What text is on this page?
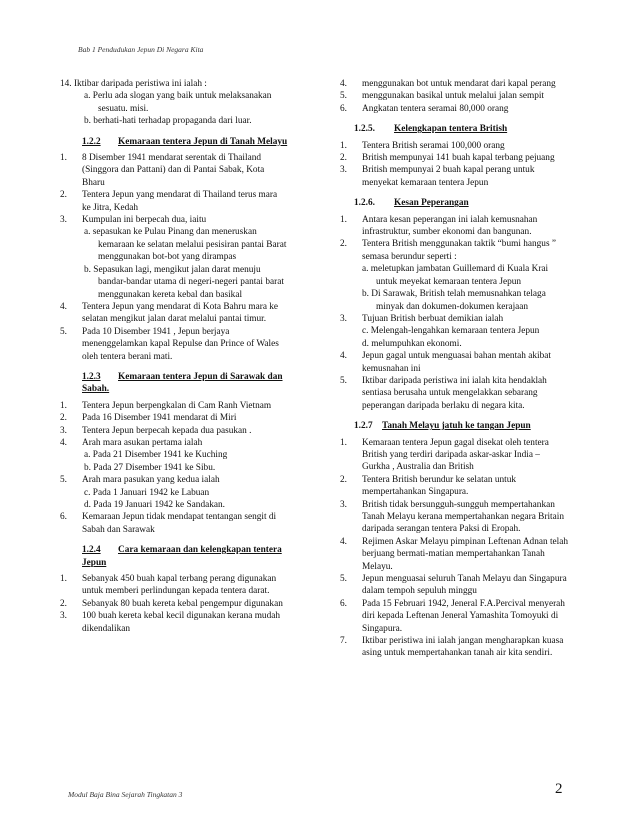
Bab 1 Pendudukan Jepun Di Negara Kita
14. Iktibar daripada peristiwa ini ialah :
a. Perlu ada slogan yang baik untuk melaksanakan sesuatu. misi.
b. berhati-hati terhadap propaganda dari luar.
1.2.2 Kemaraan tentera Jepun di Tanah Melayu
1.	8 Disember 1941 mendarat serentak di Thailand (Singgora dan Pattani) dan di Pantai Sabak, Kota Bharu
2.	Tentera Jepun yang mendarat di Thailand terus mara ke Jitra, Kedah
3.	Kumpulan ini berpecah dua, iaitu
a. sepasukan ke Pulau Pinang dan meneruskan kemaraan ke selatan melalui pesisiran pantai Barat menggunakan bot-bot yang dirampas
b. Sepasukan lagi, mengikut jalan darat menuju bandar-bandar utama di negeri-negeri pantai barat menggunakan kereta kebal dan basikal
4.	Tentera Jepun yang mendarat di Kota Bahru mara ke selatan mengikut jalan darat melalui pantai timur.
5.	Pada 10 Disember 1941 , Jepun berjaya menenggelamkan kapal Repulse dan Prince of Wales oleh tentera berani mati.
1.2.3 Kemaraan tentera Jepun di Sarawak dan Sabah.
1.	Tentera Jepun berpengkalan di Cam Ranh Vietnam
2.	Pada 16 Disember 1941 mendarat di Miri
3.	Tentera Jepun berpecah kepada dua pasukan .
4.	Arah mara asukan pertama ialah
a. Pada 21 Disember 1941 ke Kuching
b. Pada 27 Disember 1941 ke Sibu.
5.	Arah mara pasukan yang kedua ialah
c. Pada 1 Januari 1942 ke Labuan
d. Pada 19 Januari 1942 ke Sandakan.
6.	Kemaraan Jepun tidak mendapat tentangan sengit di Sabah dan Sarawak
1.2.4 Cara kemaraan dan kelengkapan tentera Jepun
1.	Sebanyak 450 buah kapal terbang perang digunakan untuk memberi perlindungan kepada tentera darat.
2.	Sebanyak 80 buah kereta kebal pengempur digunakan
3.	100 buah kereta kebal kecil digunakan kerana mudah dikendalikan
4.	menggunakan bot untuk mendarat dari kapal perang
5.	menggunakan basikal untuk melalui jalan sempit
6.	Angkatan tentera seramai 80,000 orang
1.2.5. Kelengkapan tentera British
1.	Tentera British seramai 100,000 orang
2.	British mempunyai 141 buah kapal terbang pejuang
3.	British mempunyai 2 buah kapal perang untuk menyekat kemaraan tentera Jepun
1.2.6. Kesan Peperangan
1.	Antara kesan peperangan ini ialah kemusnahan infrastruktur, sumber ekonomi dan bangunan.
2.	Tentera British menggunakan taktik “bumi hangus ” semasa berundur seperti :
a. meletupkan jambatan Guillemard di Kuala Krai untuk meyekat kemaraan tentera Jepun
b. Di Sarawak, British telah memusnahkan telaga minyak dan dokumen-dokumen kerajaan
3.	Tujuan British berbuat demikian ialah
c. Melengah-lengahkan kemaraan tentera Jepun
d. melumpuhkan ekonomi.
4.	Jepun gagal untuk menguasai bahan mentah akibat kemusnahan ini
5.	Iktibar daripada peristiwa ini ialah kita hendaklah sentiasa berusaha untuk mengelakkan sebarang peperangan daripada berlaku di negara kita.
1.2.7 Tanah Melayu jatuh ke tangan Jepun
1.	Kemaraan tentera Jepun gagal disekat oleh tentera British yang terdiri daripada askar-askar India – Gurkha , Australia dan British
2.	Tentera British berundur ke selatan untuk mempertahankan Singapura.
3.	British tidak bersungguh-sungguh mempertahankan Tanah Melayu kerana mempertahankan negara Britain daripada serangan tentera Paksi di Eropah.
4.	Rejimen Askar Melayu pimpinan Leftenan Adnan telah berjuang bermati-matian mempertahankan Tanah Melayu.
5.	Jepun menguasai seluruh Tanah Melayu dan Singapura dalam tempoh sepuluh minggu
6.	Pada 15 Februari 1942, Jeneral F.A.Percival menyerah diri kepada Leftenan Jeneral Yamashita Tomoyuki di Singapura.
7.	Iktibar peristiwa ini ialah jangan mengharapkan kuasa asing untuk mempertahankan tanah air kita sendiri.
Modul Baja Bina Sejarah Tingkatan 3	2
